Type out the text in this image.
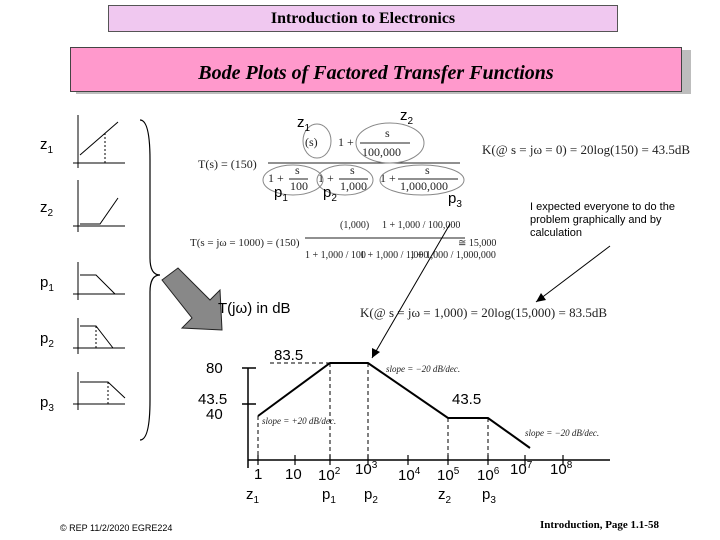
Introduction to Electronics
Bode Plots of Factored Transfer Functions
$z_1$
$z_2$
$p_1$
$p_2$
$p_3$
T(s) = (150)
(s) 1 +
s
100,000
1 +
s
100
1 +
s
1,000
1 +
s
1,000,000
K(@ s = jω = 0) = 20log(150) = 43.5dB
T(s = jω = 1000) = (150)
(1,000) 1 + 1,000 / 100,000
1 + 1,000 / 100
1 + 1,000 / 1,000
1 + 1,000 / 1,000,000
≅ 15,000
$z_1$
$z_2$
$p_1$ $p_2$	$p_3$	I expected everyone to do the problem graphically and by calculation
K(@ s = jω = 1,000) = 20log(15,000) = 83.5dB
T(jω) in dB
slope = +20 dB/dec.
slope = −20 dB/dec.
slope = −20 dB/dec.
80
43.5
40
83.5
43.5
1 10 $10^2$ $10^3$
$10^4$ $10^5$ $10^6$ $10^7$ $10^8$
$z_1$	$p_1$ $p_2$	$z_2$ $p_3$
© REP 11/2/2020 EGRE224	Introduction, Page 1.1-58
